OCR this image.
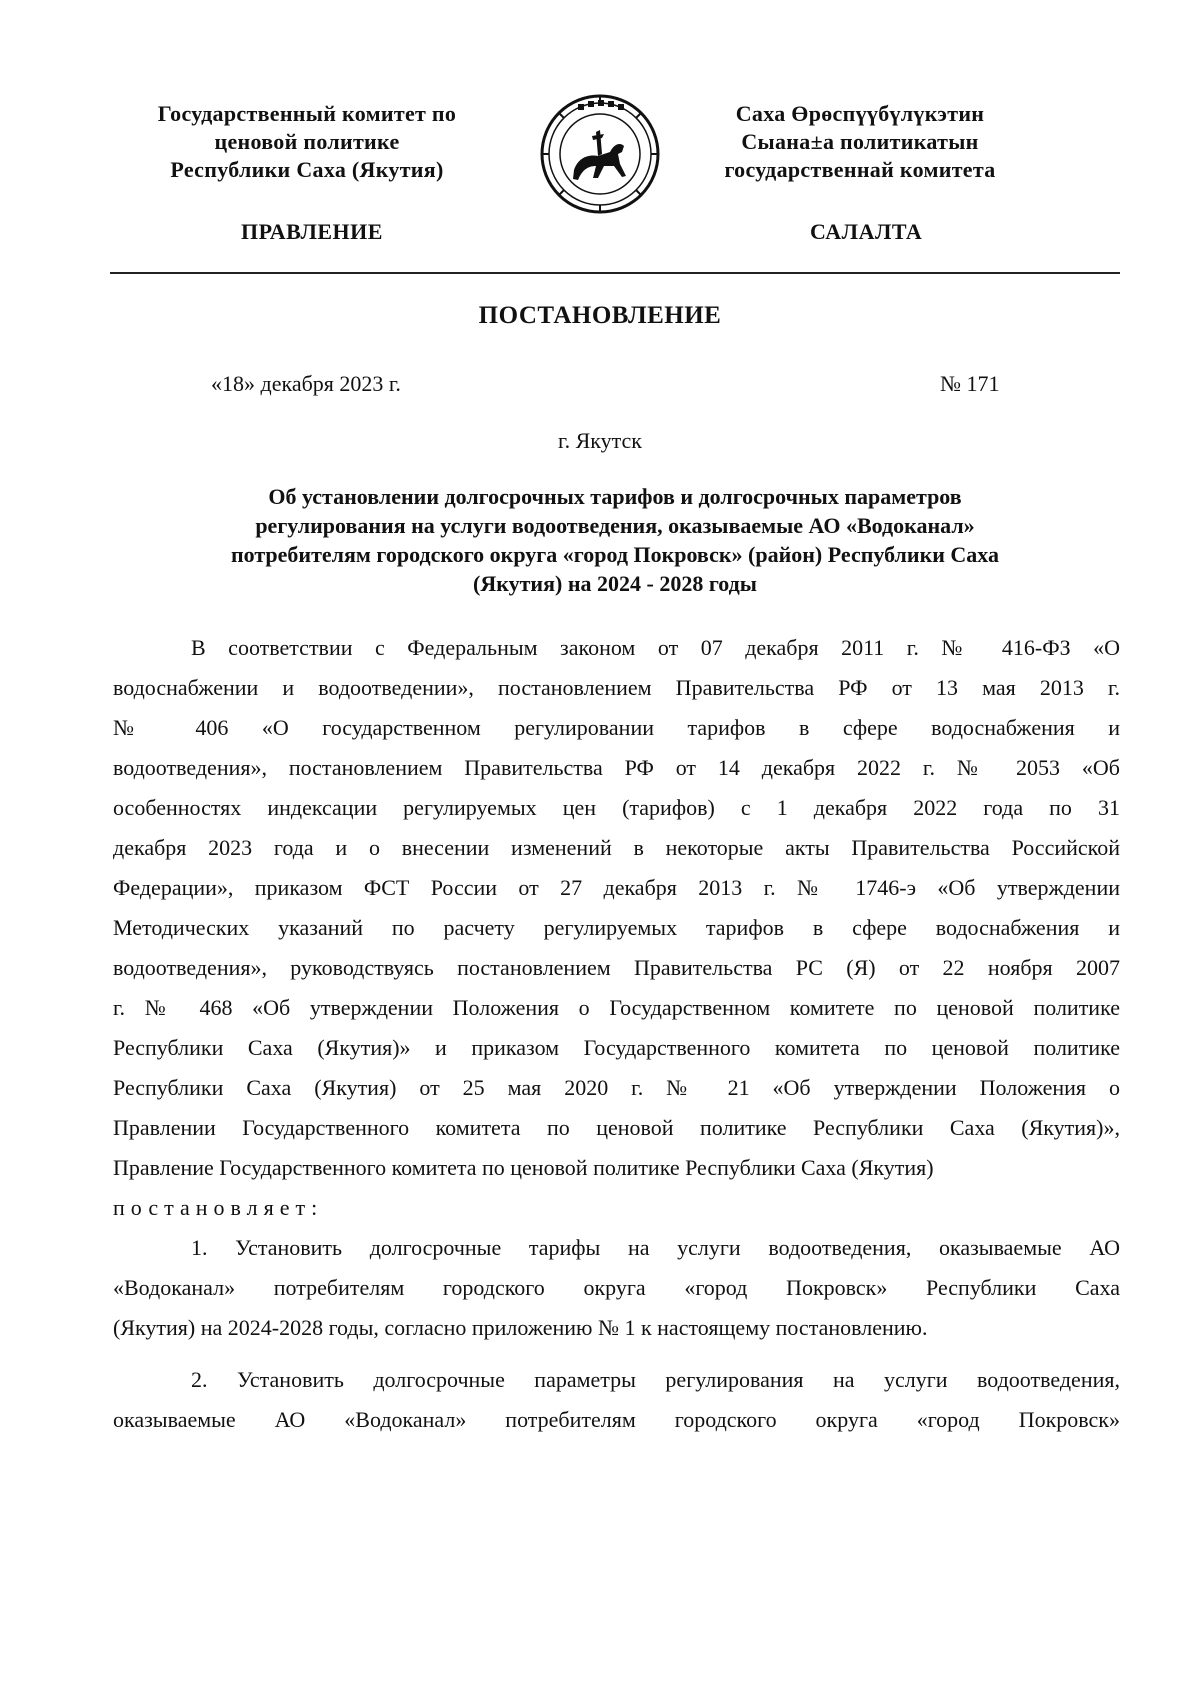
Государственный комитет по
ценовой политике
Республики Саха (Якутия)
Саха Өрөспүүбүлүкэтин
Сыана±а политикатын
государственнай комитета
ПРАВЛЕНИЕ	САЛАЛТА
ПОСТАНОВЛЕНИЕ
«18» декабря 2023 г.	№ 171
г. Якутск
Об установлении долгосрочных тарифов и долгосрочных параметров
регулирования на услуги водоотведения, оказываемые АО «Водоканал»
потребителям городского округа «город Покровск» (район) Республики Саха
(Якутия) на 2024 - 2028 годы
В соответствии с Федеральным законом от 07 декабря 2011 г. № 416-ФЗ «О
водоснабжении и водоотведении», постановлением Правительства РФ от 13 мая 2013 г.
№ 406 «О государственном регулировании тарифов в сфере водоснабжения и
водоотведения», постановлением Правительства РФ от 14 декабря 2022 г. № 2053 «Об
особенностях индексации регулируемых цен (тарифов) с 1 декабря 2022 года по 31
декабря 2023 года и о внесении изменений в некоторые акты Правительства Российской
Федерации», приказом ФСТ России от 27 декабря 2013 г. № 1746-э «Об утверждении
Методических указаний по расчету регулируемых тарифов в сфере водоснабжения и
водоотведения», руководствуясь постановлением Правительства РС (Я) от 22 ноября 2007
г. № 468 «Об утверждении Положения о Государственном комитете по ценовой политике
Республики Саха (Якутия)» и приказом Государственного комитета по ценовой политике
Республики Саха (Якутия) от 25 мая 2020 г. № 21 «Об утверждении Положения о
Правлении Государственного комитета по ценовой политике Республики Саха (Якутия)»,
Правление Государственного комитета по ценовой политике Республики Саха (Якутия)
постановляет:
1. Установить долгосрочные тарифы на услуги водоотведения, оказываемые АО
«Водоканал» потребителям городского округа «город Покровск» Республики Саха
(Якутия) на 2024-2028 годы, согласно приложению № 1 к настоящему постановлению.
2. Установить долгосрочные параметры регулирования на услуги водоотведения,
оказываемые АО «Водоканал» потребителям городского округа «город Покровск»
